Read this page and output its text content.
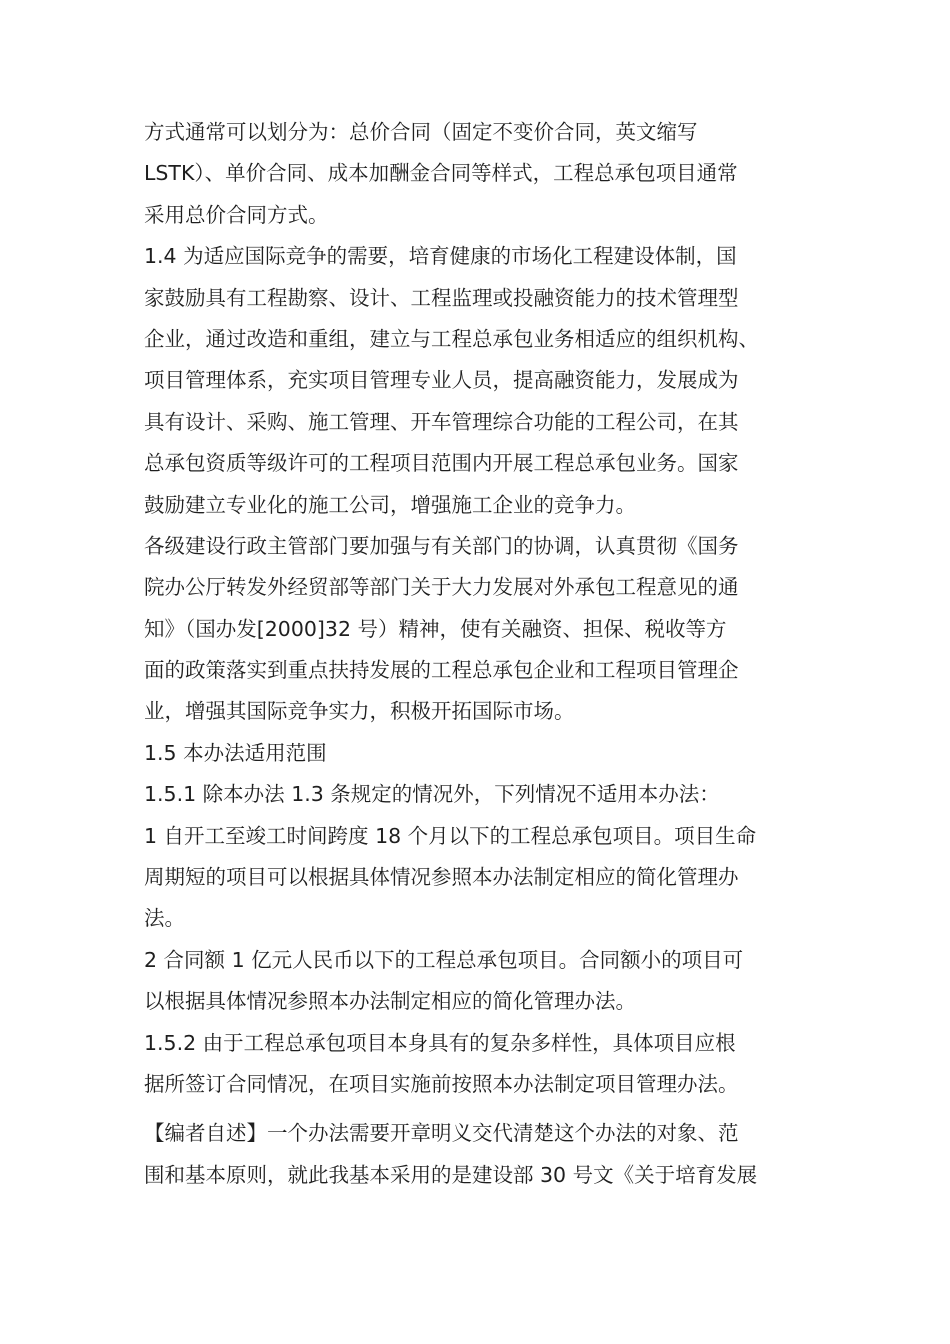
方式通常可以划分为：总价合同（固定不变价合同，英文缩写
LSTK）、单价合同、成本加酬金合同等样式，工程总承包项目通常
采用总价合同方式。
1.4 为适应国际竞争的需要，培育健康的市场化工程建设体制，国
家鼓励具有工程勘察、设计、工程监理或投融资能力的技术管理型
企业，通过改造和重组，建立与工程总承包业务相适应的组织机构、
项目管理体系，充实项目管理专业人员，提高融资能力，发展成为
具有设计、采购、施工管理、开车管理综合功能的工程公司，在其
总承包资质等级许可的工程项目范围内开展工程总承包业务。国家
鼓励建立专业化的施工公司，增强施工企业的竞争力。
各级建设行政主管部门要加强与有关部门的协调，认真贯彻《国务
院办公厅转发外经贸部等部门关于大力发展对外承包工程意见的通
知》（国办发[2000]32 号）精神，使有关融资、担保、税收等方
面的政策落实到重点扶持发展的工程总承包企业和工程项目管理企
业，增强其国际竞争实力，积极开拓国际市场。
1.5 本办法适用范围
1.5.1 除本办法 1.3 条规定的情况外，下列情况不适用本办法：
1 自开工至竣工时间跨度 18 个月以下的工程总承包项目。项目生命
周期短的项目可以根据具体情况参照本办法制定相应的简化管理办
法。
2 合同额 1 亿元人民币以下的工程总承包项目。合同额小的项目可
以根据具体情况参照本办法制定相应的简化管理办法。
1.5.2 由于工程总承包项目本身具有的复杂多样性，具体项目应根
据所签订合同情况，在项目实施前按照本办法制定项目管理办法。
【编者自述】一个办法需要开章明义交代清楚这个办法的对象、范
围和基本原则，就此我基本采用的是建设部 30 号文《关于培育发展
